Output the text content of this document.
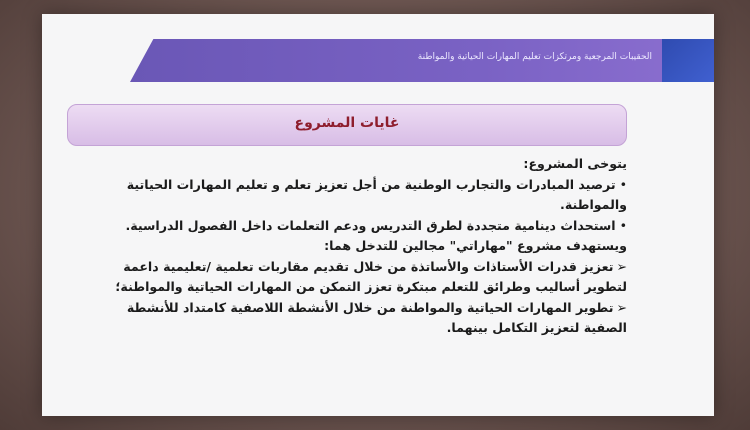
الحقيبات المرجعية ومرتكزات تعليم المهارات الحياتية والمواطنة
غايات المشروع
يتوخى المشروع:
•ترصيد المبادرات والتجارب الوطنية من أجل تعزيز تعلم و تعليم المهارات الحياتية
والمواطنة.
•استحداث دينامية متجددة لطرق التدريس ودعم التعلمات داخل الفصول الدراسية.
ويستهدف مشروع "مهاراتي" مجالين للتدخل هما:
➢تعزيز قدرات الأستاذات والأساتذة من خلال تقديم مقاربات تعلمية /تعليمية داعمة
لتطوير أساليب وطرائق للتعلم مبتكرة تعزز التمكن من المهارات الحياتية والمواطنة؛
➢تطوير المهارات الحياتية والمواطنة من خلال الأنشطة اللاصفية كامتداد للأنشطة
الصفية لتعزيز التكامل بينهما.
